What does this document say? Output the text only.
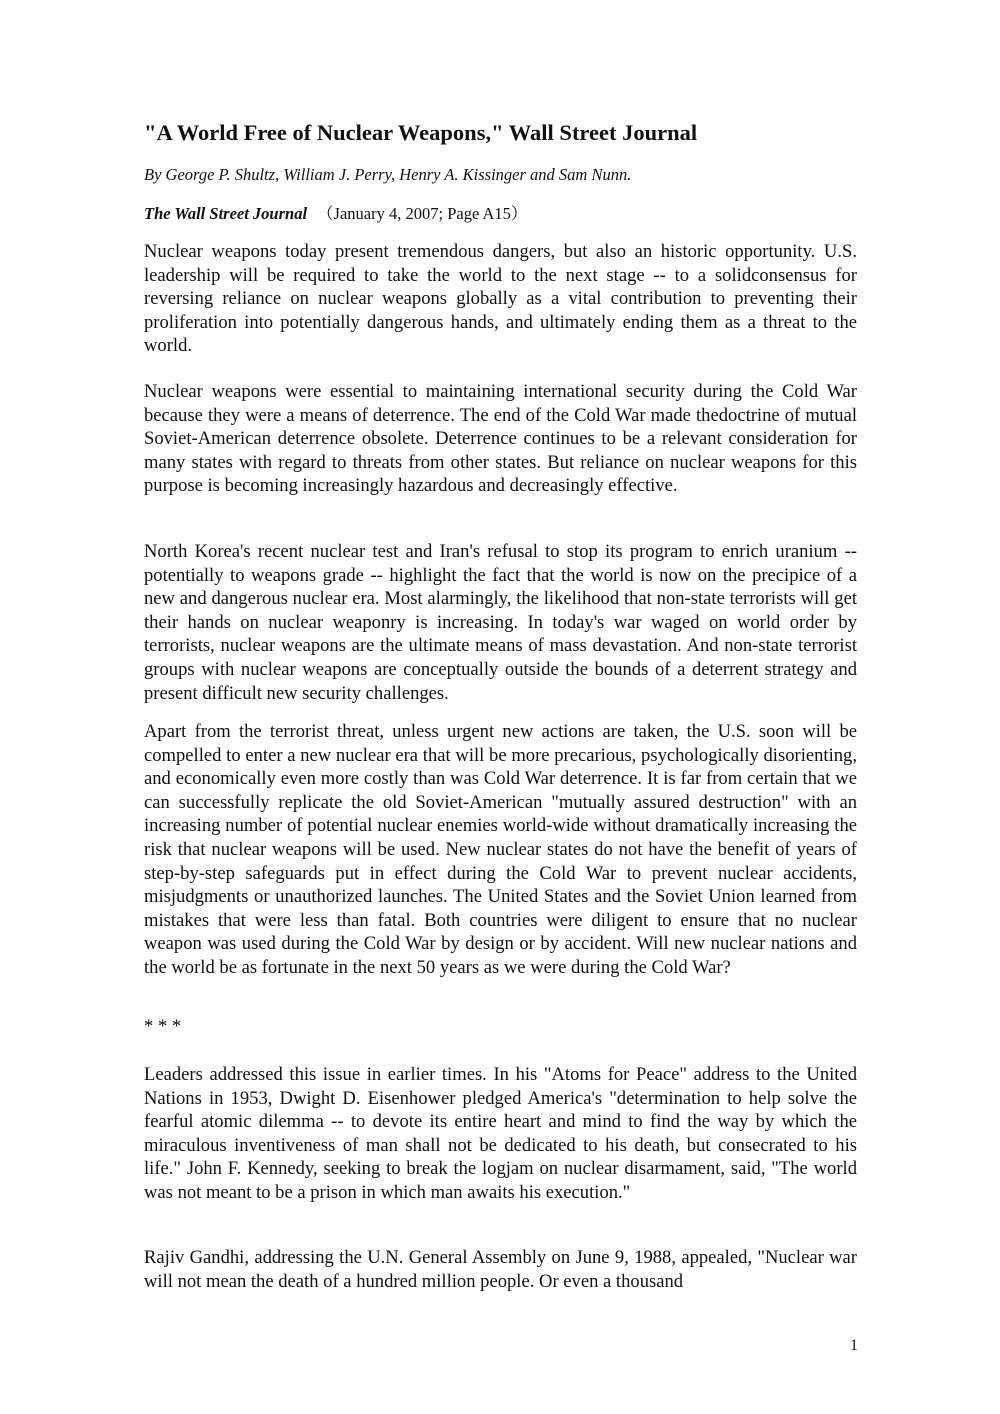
"A World Free of Nuclear Weapons," Wall Street Journal

By George P. Shultz, William J. Perry, Henry A. Kissinger and Sam Nunn.

The Wall Street Journal （January 4, 2007; Page A15）

Nuclear weapons today present tremendous dangers, but also an historic opportunity. U.S. leadership will be required to take the world to the next stage -- to a solidconsensus for reversing reliance on nuclear weapons globally as a vital contribution to preventing their proliferation into potentially dangerous hands, and ultimately ending them as a threat to the world.

Nuclear weapons were essential to maintaining international security during the Cold War because they were a means of deterrence. The end of the Cold War made thedoctrine of mutual Soviet-American deterrence obsolete. Deterrence continues to be a relevant consideration for many states with regard to threats from other states. But reliance on nuclear weapons for this purpose is becoming increasingly hazardous and decreasingly effective.

North Korea's recent nuclear test and Iran's refusal to stop its program to enrich uranium -- potentially to weapons grade -- highlight the fact that the world is now on the precipice of a new and dangerous nuclear era. Most alarmingly, the likelihood that non-state terrorists will get their hands on nuclear weaponry is increasing. In today's war waged on world order by terrorists, nuclear weapons are the ultimate means of mass devastation. And non-state terrorist groups with nuclear weapons are conceptually outside the bounds of a deterrent strategy and present difficult new security challenges.

Apart from the terrorist threat, unless urgent new actions are taken, the U.S. soon will be compelled to enter a new nuclear era that will be more precarious, psychologically disorienting, and economically even more costly than was Cold War deterrence. It is far from certain that we can successfully replicate the old Soviet-American "mutually assured destruction" with an increasing number of potential nuclear enemies world-wide without dramatically increasing the risk that nuclear weapons will be used. New nuclear states do not have the benefit of years of step-by-step safeguards put in effect during the Cold War to prevent nuclear accidents, misjudgments or unauthorized launches. The United States and the Soviet Union learned from mistakes that were less than fatal. Both countries were diligent to ensure that no nuclear weapon was used during the Cold War by design or by accident. Will new nuclear nations and the world be as fortunate in the next 50 years as we were during the Cold War?

* * *

Leaders addressed this issue in earlier times. In his "Atoms for Peace" address to the United Nations in 1953, Dwight D. Eisenhower pledged America's "determination to help solve the fearful atomic dilemma -- to devote its entire heart and mind to find the way by which the miraculous inventiveness of man shall not be dedicated to his death, but consecrated to his life." John F. Kennedy, seeking to break the logjam on nuclear disarmament, said, "The world was not meant to be a prison in which man awaits his execution."

Rajiv Gandhi, addressing the U.N. General Assembly on June 9, 1988, appealed, "Nuclear war will not mean the death of a hundred million people. Or even a thousand

1
